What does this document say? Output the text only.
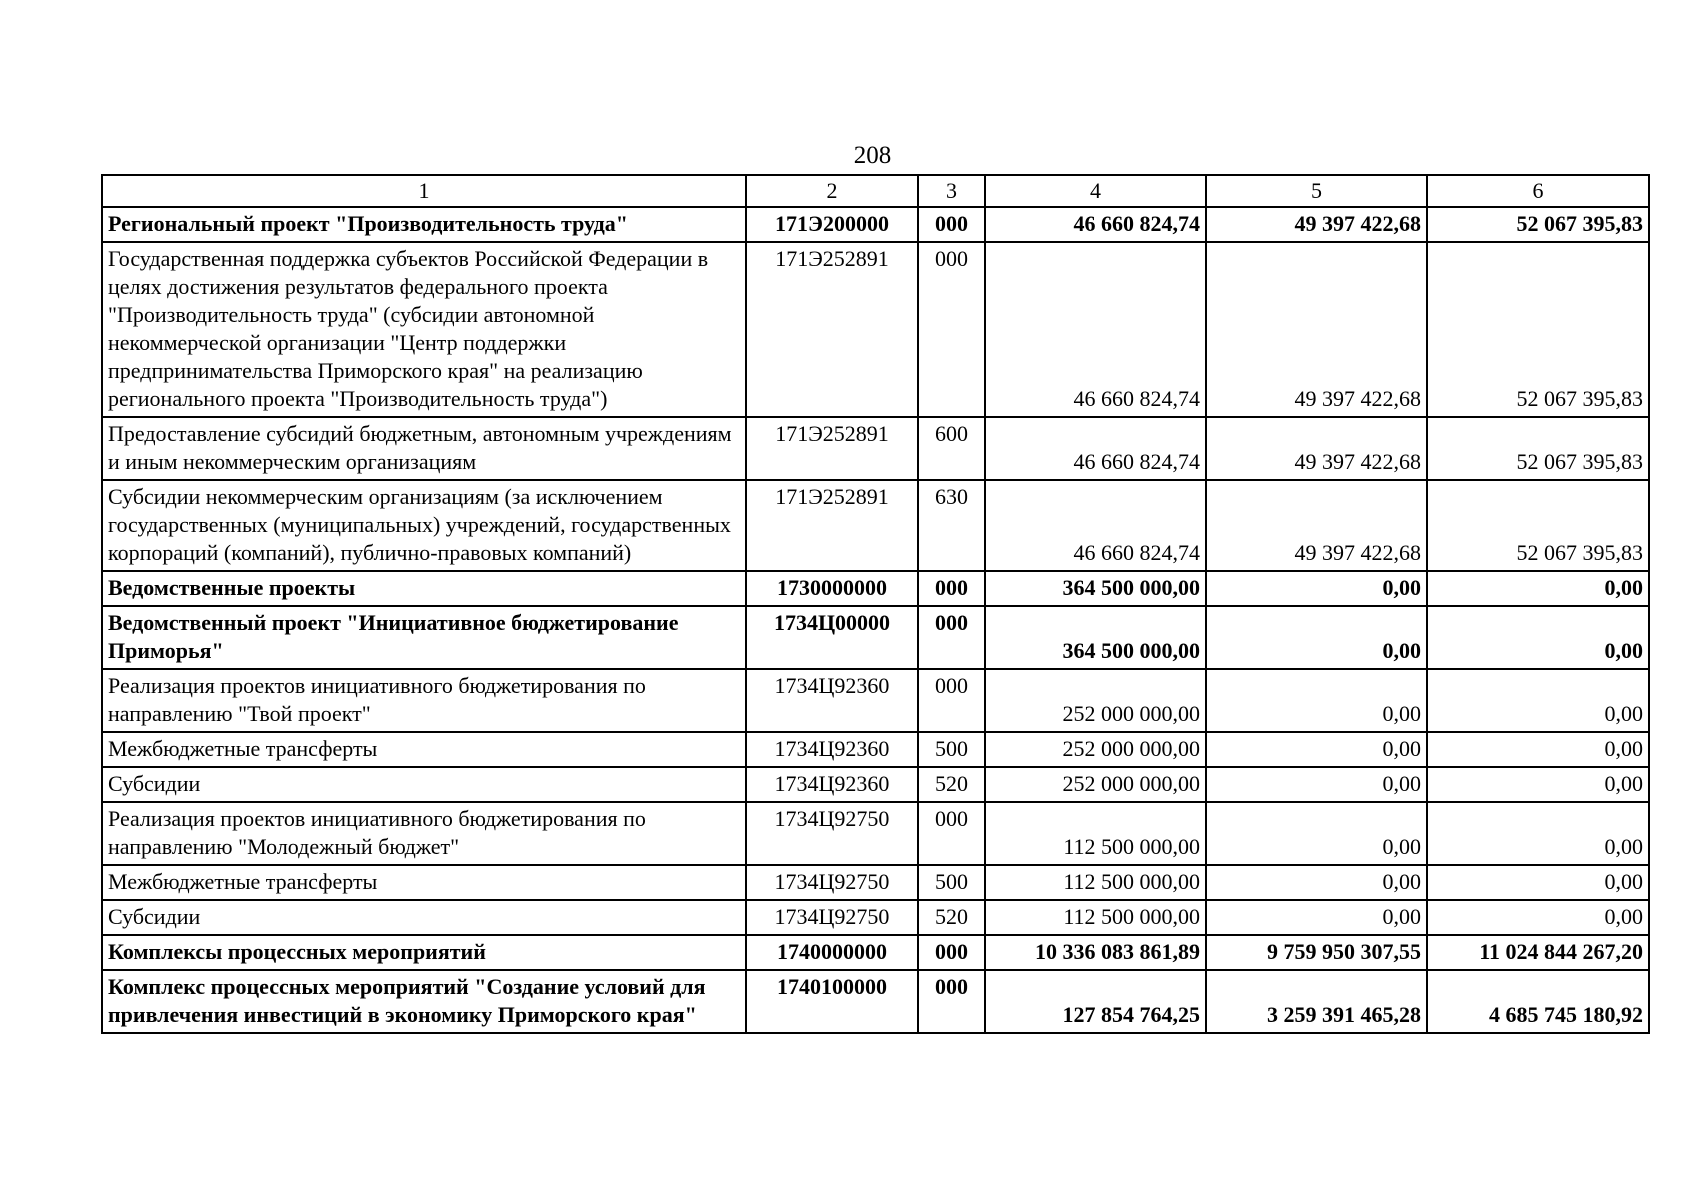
208
1	2	3	4	5	6
Региональный проект "Производительность труда"	171Э200000	000	46 660 824,74	49 397 422,68	52 067 395,83
Государственная поддержка субъектов Российской Федерации в целях достижения результатов федерального проекта "Производительность труда" (субсидии автономной некоммерческой организации "Центр поддержки предпринимательства Приморского края" на реализацию регионального проекта "Производительность труда")	171Э252891	000	46 660 824,74	49 397 422,68	52 067 395,83
Предоставление субсидий бюджетным, автономным учреждениям и иным некоммерческим организациям	171Э252891	600	46 660 824,74	49 397 422,68	52 067 395,83
Субсидии некоммерческим организациям (за исключением государственных (муниципальных) учреждений, государственных корпораций (компаний), публично-правовых компаний)	171Э252891	630	46 660 824,74	49 397 422,68	52 067 395,83
Ведомственные проекты	1730000000	000	364 500 000,00	0,00	0,00
Ведомственный проект "Инициативное бюджетирование Приморья"	1734Ц00000	000	364 500 000,00	0,00	0,00
Реализация проектов инициативного бюджетирования по направлению "Твой проект"	1734Ц92360	000	252 000 000,00	0,00	0,00
Межбюджетные трансферты	1734Ц92360	500	252 000 000,00	0,00	0,00
Субсидии	1734Ц92360	520	252 000 000,00	0,00	0,00
Реализация проектов инициативного бюджетирования по направлению "Молодежный бюджет"	1734Ц92750	000	112 500 000,00	0,00	0,00
Межбюджетные трансферты	1734Ц92750	500	112 500 000,00	0,00	0,00
Субсидии	1734Ц92750	520	112 500 000,00	0,00	0,00
Комплексы процессных мероприятий	1740000000	000	10 336 083 861,89	9 759 950 307,55	11 024 844 267,20
Комплекс процессных мероприятий "Создание условий для привлечения инвестиций в экономику Приморского края"	1740100000	000	127 854 764,25	3 259 391 465,28	4 685 745 180,92
